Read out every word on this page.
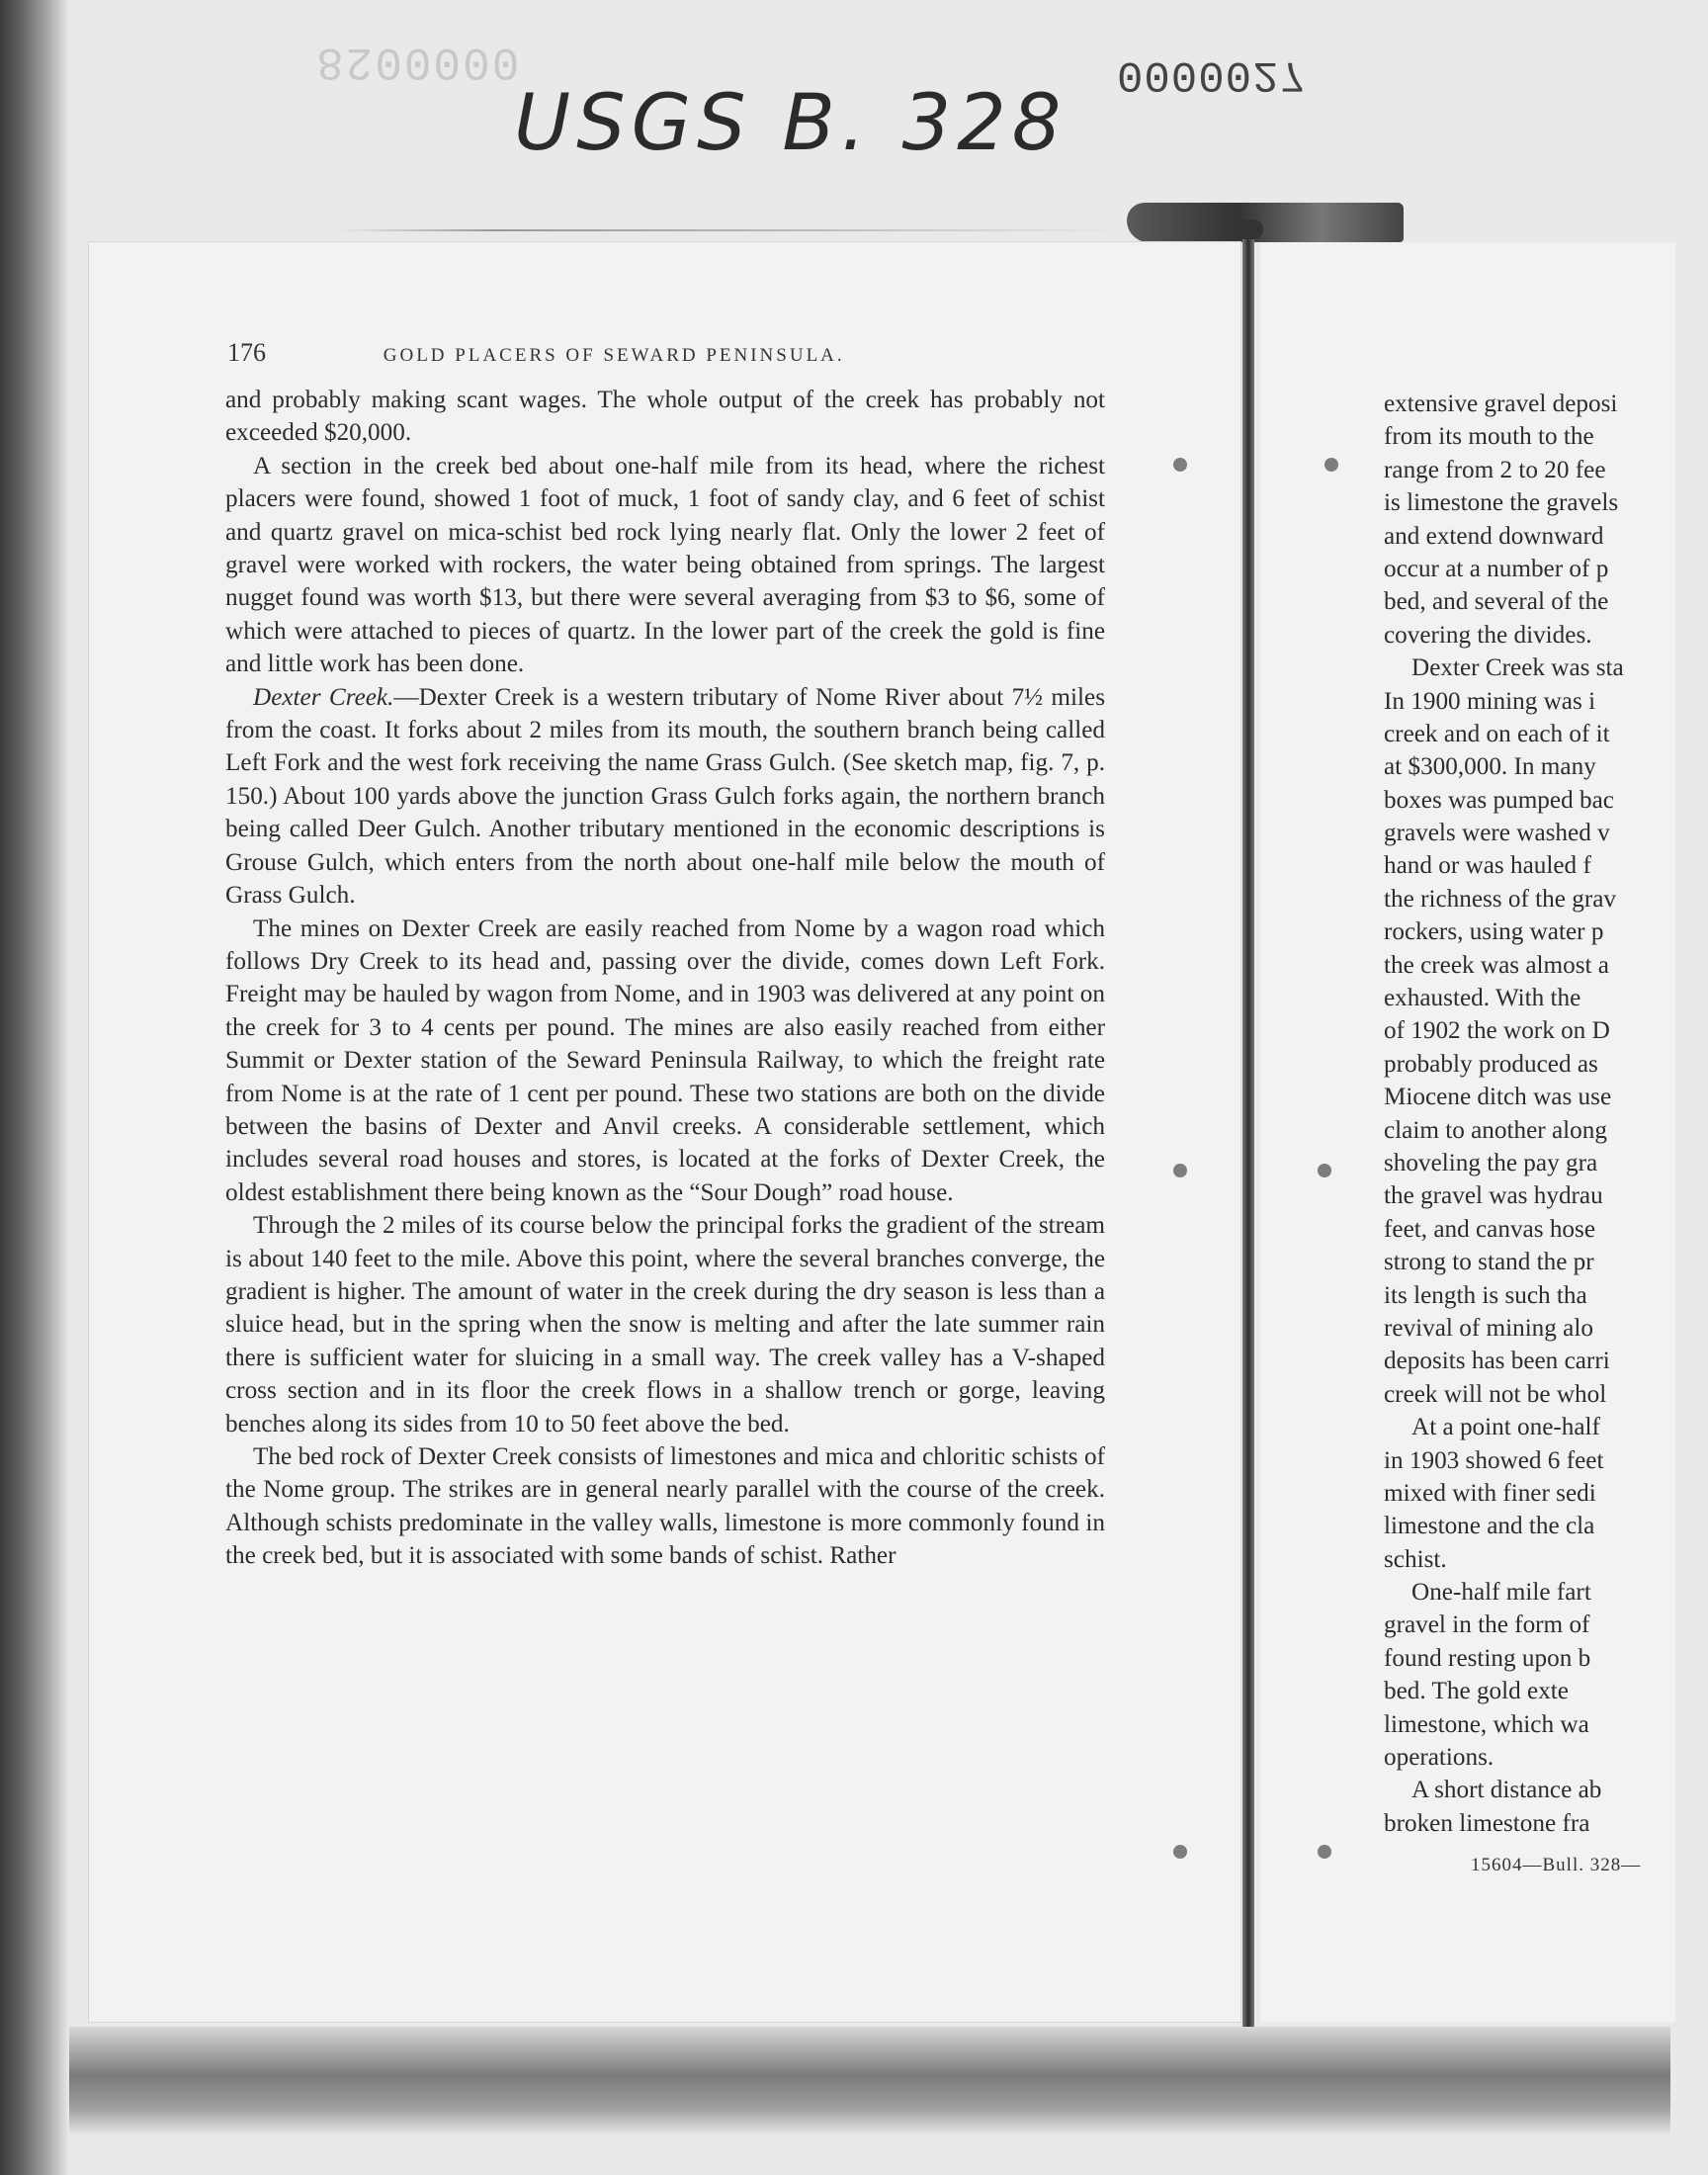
0000028	0000027
USGS B. 328
176	GOLD PLACERS OF SEWARD PENINSULA.

and probably making scant wages. The whole output of the creek has probably not exceeded $20,000.

A section in the creek bed about one-half mile from its head, where the richest placers were found, showed 1 foot of muck, 1 foot of sandy clay, and 6 feet of schist and quartz gravel on mica-schist bed rock lying nearly flat. Only the lower 2 feet of gravel were worked with rockers, the water being obtained from springs. The largest nugget found was worth $13, but there were several averaging from $3 to $6, some of which were attached to pieces of quartz. In the lower part of the creek the gold is fine and little work has been done.

Dexter Creek.—Dexter Creek is a western tributary of Nome River about 7½ miles from the coast. It forks about 2 miles from its mouth, the southern branch being called Left Fork and the west fork receiving the name Grass Gulch. (See sketch map, fig. 7, p. 150.) About 100 yards above the junction Grass Gulch forks again, the northern branch being called Deer Gulch. Another tributary mentioned in the economic descriptions is Grouse Gulch, which enters from the north about one-half mile below the mouth of Grass Gulch.

The mines on Dexter Creek are easily reached from Nome by a wagon road which follows Dry Creek to its head and, passing over the divide, comes down Left Fork. Freight may be hauled by wagon from Nome, and in 1903 was delivered at any point on the creek for 3 to 4 cents per pound. The mines are also easily reached from either Summit or Dexter station of the Seward Peninsula Railway, to which the freight rate from Nome is at the rate of 1 cent per pound. These two stations are both on the divide between the basins of Dexter and Anvil creeks. A considerable settlement, which includes several road houses and stores, is located at the forks of Dexter Creek, the oldest establishment there being known as the “Sour Dough” road house.

Through the 2 miles of its course below the principal forks the gradient of the stream is about 140 feet to the mile. Above this point, where the several branches converge, the gradient is higher. The amount of water in the creek during the dry season is less than a sluice head, but in the spring when the snow is melting and after the late summer rain there is sufficient water for sluicing in a small way. The creek valley has a V-shaped cross section and in its floor the creek flows in a shallow trench or gorge, leaving benches along its sides from 10 to 50 feet above the bed.

The bed rock of Dexter Creek consists of limestones and mica and chloritic schists of the Nome group. The strikes are in general nearly parallel with the course of the creek. Although schists predominate in the valley walls, limestone is more commonly found in the creek bed, but it is associated with some bands of schist. Rather

extensive gravel deposi
from its mouth to the
range from 2 to 20 fee
is limestone the gravels
and extend downward
occur at a number of p
bed, and several of the
covering the divides.
Dexter Creek was sta
In 1900 mining was i
creek and on each of it
at $300,000. In many
boxes was pumped bac
gravels were washed v
hand or was hauled f
the richness of the grav
rockers, using water p
the creek was almost a
exhausted. With the
of 1902 the work on D
probably produced as
Miocene ditch was use
claim to another along
shoveling the pay gra
the gravel was hydrau
feet, and canvas hose
strong to stand the pr
its length is such tha
revival of mining alo
deposits has been carri
creek will not be whol
At a point one-half
in 1903 showed 6 feet
mixed with finer sedi
limestone and the cla
schist.
One-half mile fart
gravel in the form of
found resting upon b
bed. The gold exte
limestone, which wa
operations.
A short distance ab
broken limestone fra
15604—Bull. 328—
